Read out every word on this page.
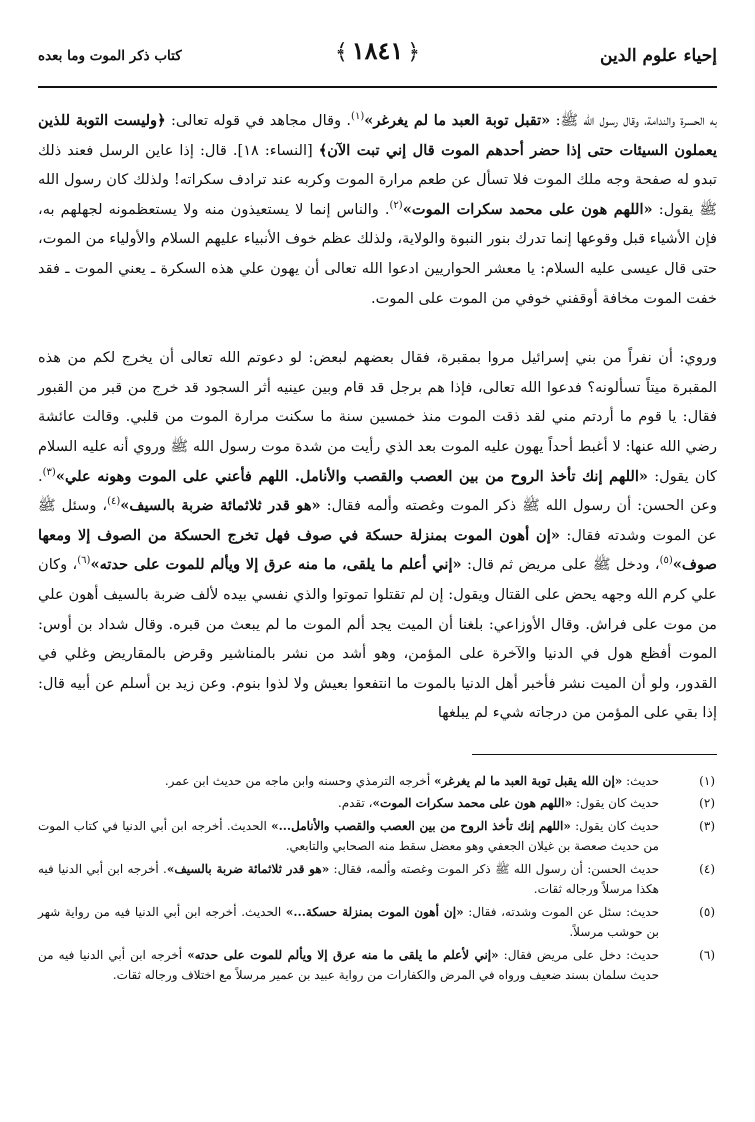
إحياء علوم الدين
﴿١٨٤١﴾
كتاب ذكر الموت وما بعده

به الحسرة والندامة، وقال رسول الله ﷺ: «تقبل توبة العبد ما لم يغرغر»$^{(١)}$. وقال مجاهد في قوله تعالى: ﴿وليست التوبة للذين يعملون السيئات حتى إذا حضر أحدهم الموت قال إني تبت الآن﴾ [النساء: ١٨]. قال: إذا عاين الرسل فعند ذلك تبدو له صفحة وجه ملك الموت فلا تسأل عن طعم مرارة الموت وكربه عند ترادف سكراته! ولذلك كان رسول الله ﷺ يقول: «اللهم هون على محمد سكرات الموت»$^{(٢)}$. والناس إنما لا يستعيذون منه ولا يستعظمونه لجهلهم به، فإن الأشياء قبل وقوعها إنما تدرك بنور النبوة والولاية، ولذلك عظم خوف الأنبياء عليهم السلام والأولياء من الموت، حتى قال عيسى عليه السلام: يا معشر الحواريين ادعوا الله تعالى أن يهون علي هذه السكرة ـ يعني الموت ـ فقد خفت الموت مخافة أوقفني خوفي من الموت على الموت.

وروي: أن نفراً من بني إسرائيل مروا بمقبرة، فقال بعضهم لبعض: لو دعوتم الله تعالى أن يخرج لكم من هذه المقبرة ميتاً تسألونه؟ فدعوا الله تعالى، فإذا هم برجل قد قام وبين عينيه أثر السجود قد خرج من قبر من القبور فقال: يا قوم ما أردتم مني لقد ذقت الموت منذ خمسين سنة ما سكنت مرارة الموت من قلبي. وقالت عائشة رضي الله عنها: لا أغبط أحداً يهون عليه الموت بعد الذي رأيت من شدة موت رسول الله ﷺ وروي أنه عليه السلام كان يقول: «اللهم إنك تأخذ الروح من بين العصب والقصب والأنامل. اللهم فأعني على الموت وهونه علي»$^{(٣)}$. وعن الحسن: أن رسول الله ﷺ ذكر الموت وغصته وألمه فقال: «هو قدر ثلاثمائة ضربة بالسيف»$^{(٤)}$، وسئل ﷺ عن الموت وشدته فقال: «إن أهون الموت بمنزلة حسكة في صوف فهل تخرج الحسكة من الصوف إلا ومعها صوف»$^{(٥)}$، ودخل ﷺ على مريض ثم قال: «إني أعلم ما يلقى، ما منه عرق إلا ويألم للموت على حدته»$^{(٦)}$، وكان علي كرم الله وجهه يحض على القتال ويقول: إن لم تقتلوا تموتوا والذي نفسي بيده لألف ضربة بالسيف أهون علي من موت على فراش. وقال الأوزاعي: بلغنا أن الميت يجد ألم الموت ما لم يبعث من قبره. وقال شداد بن أوس: الموت أفظع هول في الدنيا والآخرة على المؤمن، وهو أشد من نشر بالمناشير وقرض بالمقاريض وغلي في القدور، ولو أن الميت نشر فأخبر أهل الدنيا بالموت ما انتفعوا بعيش ولا لذوا بنوم. وعن زيد بن أسلم عن أبيه قال: إذا بقي على المؤمن من درجاته شيء لم يبلغها

(١)
حديث: «إن الله يقبل توبة العبد ما لم يغرغر» أخرجه الترمذي وحسنه وابن ماجه من حديث ابن عمر.
(٢)
حديث كان يقول: «اللهم هون على محمد سكرات الموت»، تقدم.
(٣)
حديث كان يقول: «اللهم إنك تأخذ الروح من بين العصب والقصب والأنامل...» الحديث. أخرجه ابن أبي الدنيا في كتاب الموت من حديث صعصة بن غيلان الجعفي وهو معضل سقط منه الصحابي والتابعي.
(٤)
حديث الحسن: أن رسول الله ﷺ ذكر الموت وغصته وألمه، فقال: «هو قدر ثلاثمائة ضربة بالسيف». أخرجه ابن أبي الدنيا فيه هكذا مرسلاً ورجاله ثقات.
(٥)
حديث: سئل عن الموت وشدته، فقال: «إن أهون الموت بمنزلة حسكة...» الحديث. أخرجه ابن أبي الدنيا فيه من رواية شهر بن حوشب مرسلاً.
(٦)
حديث: دخل على مريض فقال: «إني لأعلم ما يلقى ما منه عرق إلا ويألم للموت على حدته» أخرجه ابن أبي الدنيا فيه من حديث سلمان بسند ضعيف ورواه في المرض والكفارات من رواية عبيد بن عمير مرسلاً مع اختلاف ورجاله ثقات.
